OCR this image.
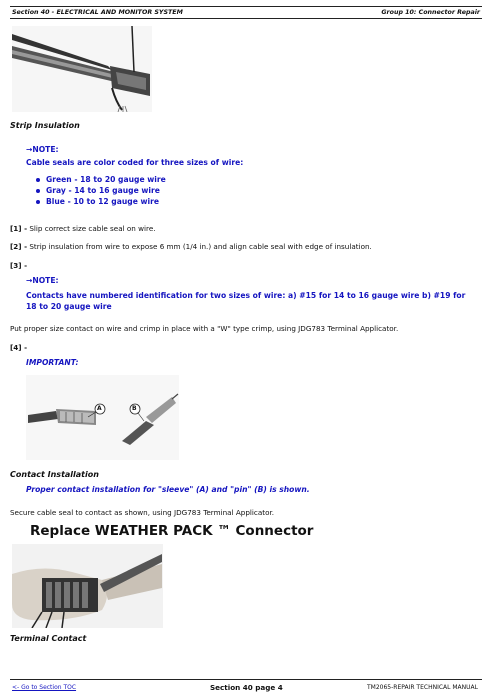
Section 40 - ELECTRICAL AND MONITOR SYSTEM	Group 10: Connector Repair
Strip Insulation
→NOTE:
Cable seals are color coded for three sizes of wire:
Green - 18 to 20 gauge wire
Gray - 14 to 16 gauge wire
Blue - 10 to 12 gauge wire
[1] - Slip correct size cable seal on wire.
[2] - Strip insulation from wire to expose 6 mm (1/4 in.) and align cable seal with edge of insulation.
[3] -
→NOTE:
Contacts have numbered identification for two sizes of wire: a) #15 for 14 to 16 gauge wire b) #19 for 18 to 20 gauge wire
Put proper size contact on wire and crimp in place with a "W" type crimp, using JDG783 Terminal Applicator.
[4] -
IMPORTANT:
A	B
Contact Installation
Proper contact installation for "sleeve" (A) and "pin" (B) is shown.
Secure cable seal to contact as shown, using JDG783 Terminal Applicator.
Replace WEATHER PACK ™ Connector
Terminal Contact
<- Go to Section TOC	Section 40 page 4	TM2065-REPAIR TECHNICAL MANUAL
